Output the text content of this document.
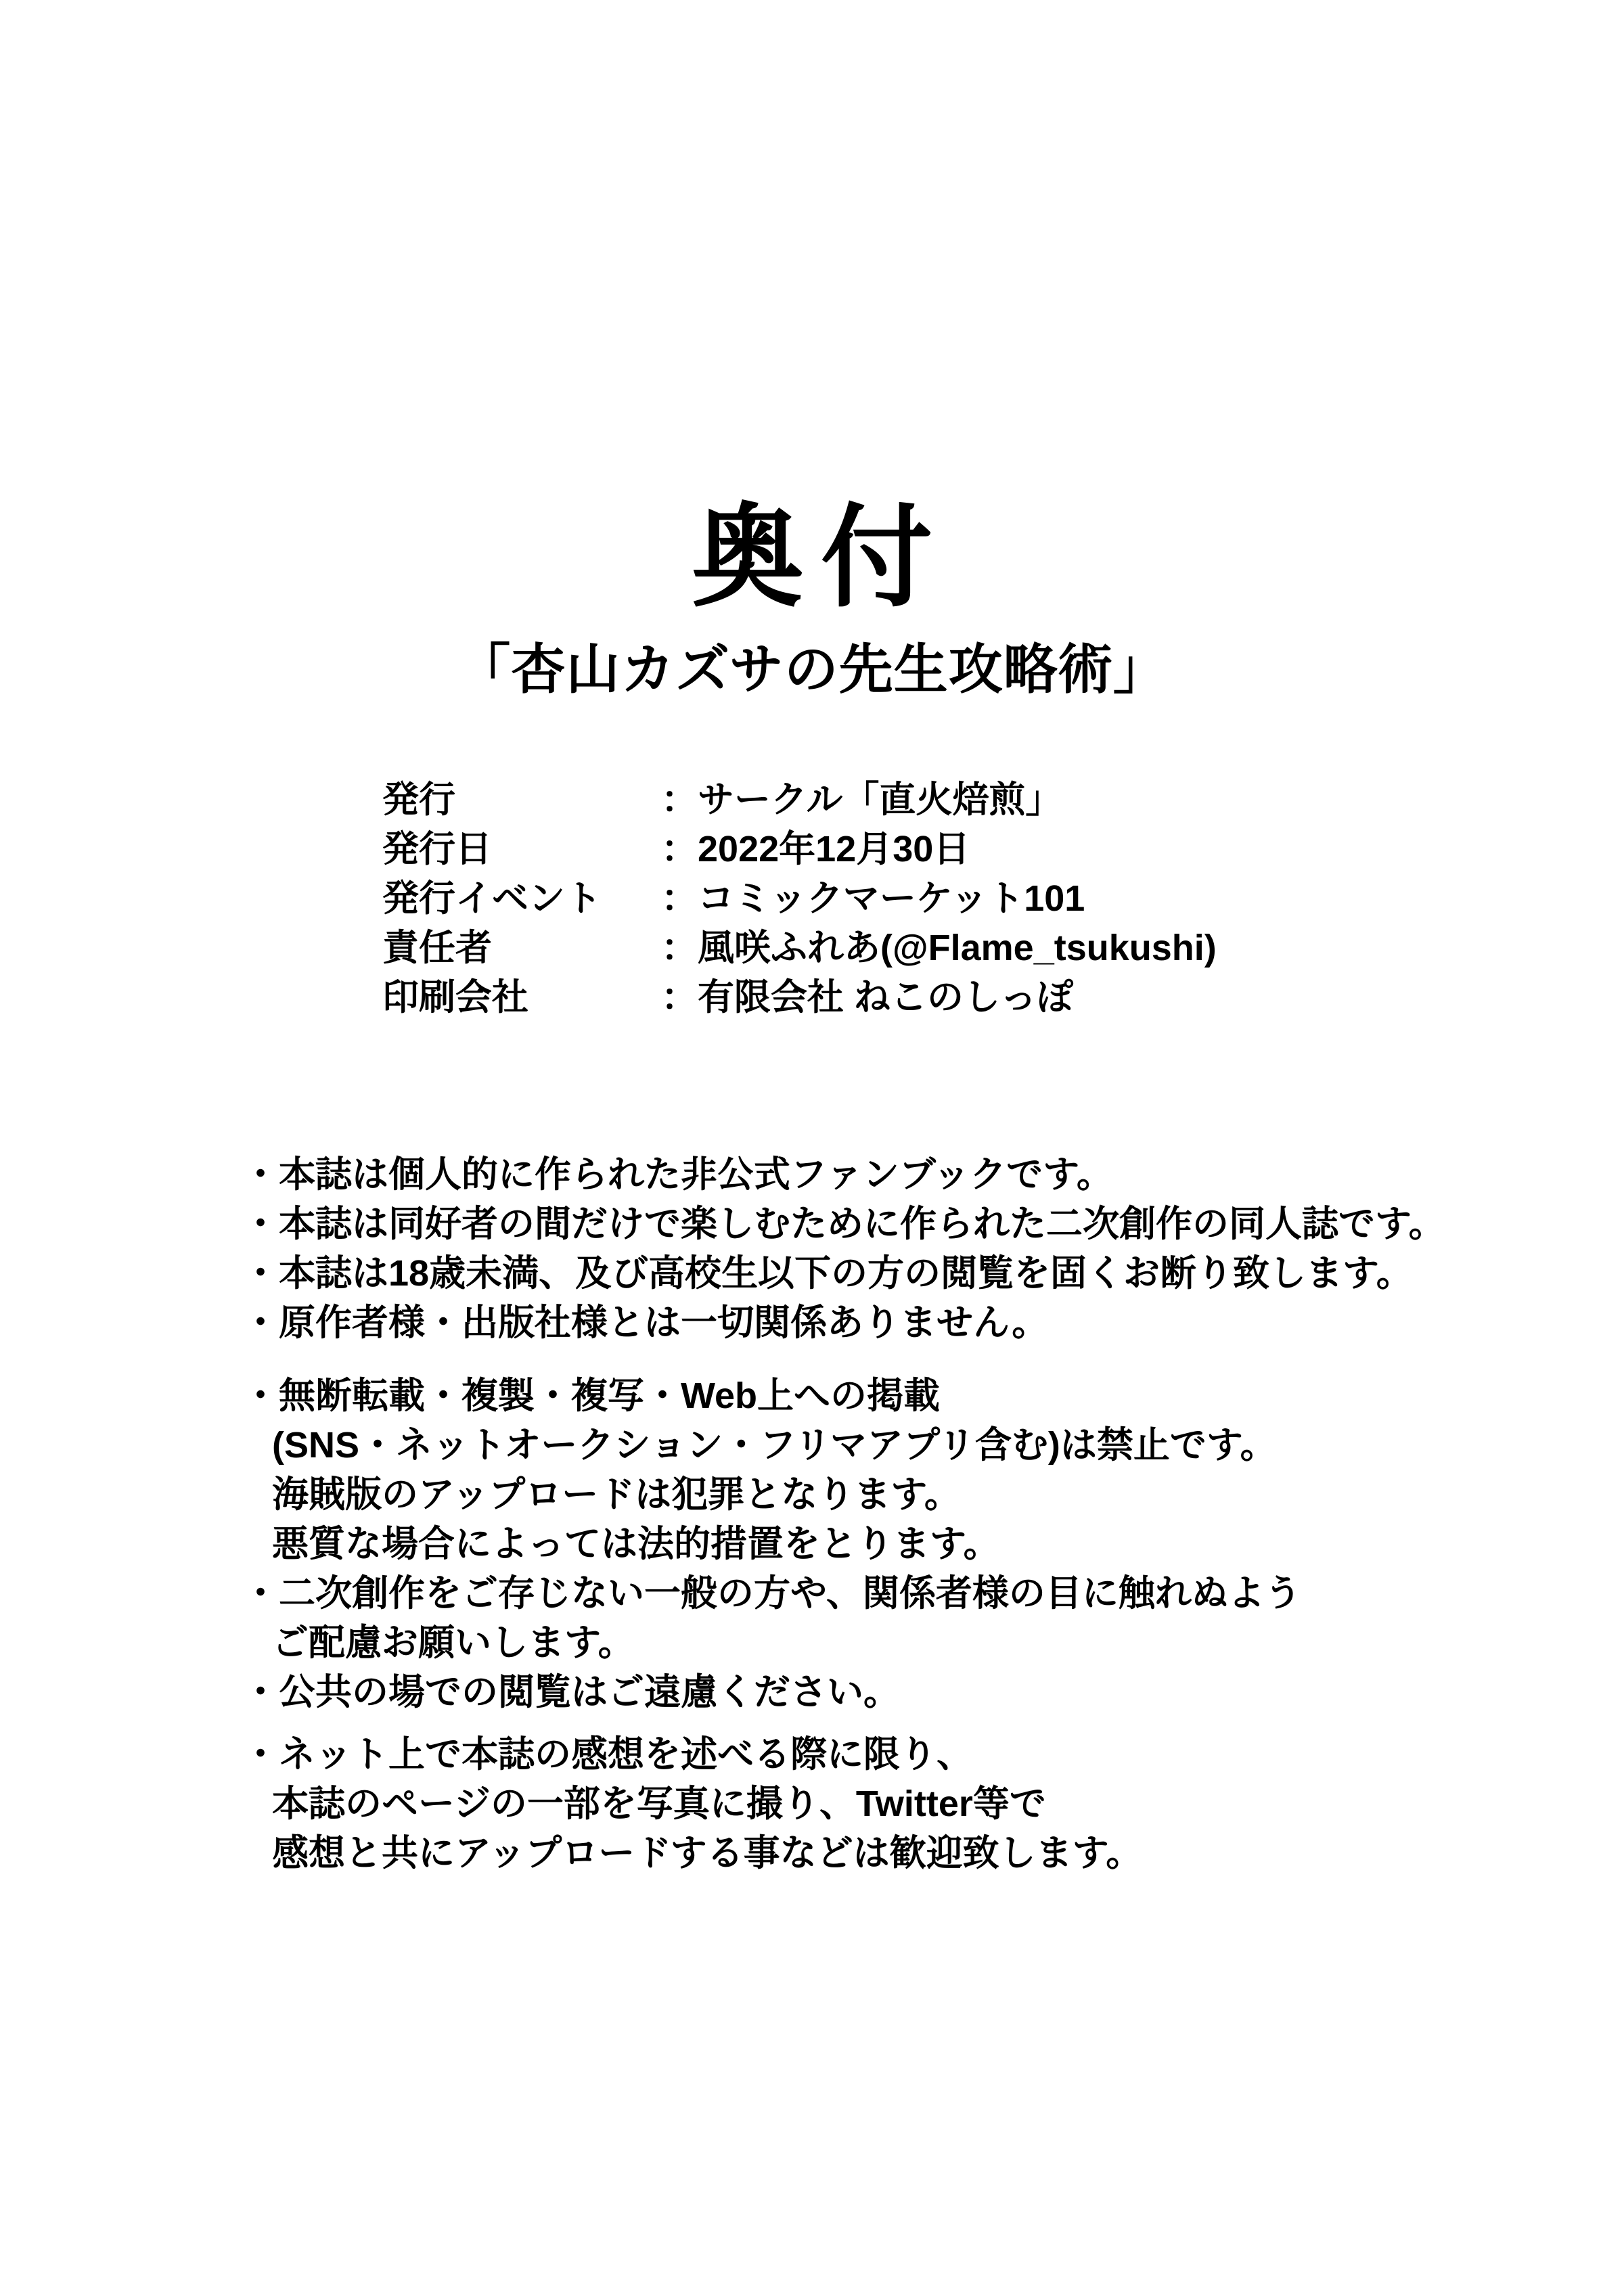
奥付
「杏山カズサの先生攻略術」
発行	： サークル「直火焙煎」
発行日	： 2022年12月30日
発行イベント	： コミックマーケット101
責任者	： 風咲ふれあ(@Flame_tsukushi)
印刷会社	： 有限会社 ねこのしっぽ

・本誌は個人的に作られた非公式ファンブックです。

・本誌は同好者の間だけで楽しむために作られた二次創作の同人誌です。

・本誌は18歳未満、及び高校生以下の方の閲覧を固くお断り致します。

・原作者様・出版社様とは一切関係ありません。

・無断転載・複製・複写・Web上への掲載

(SNS・ネットオークション・フリマアプリ含む)は禁止です。

海賊版のアップロードは犯罪となります。

悪質な場合によっては法的措置をとります。

・二次創作をご存じない一般の方や、関係者様の目に触れぬよう

ご配慮お願いします。

・公共の場での閲覧はご遠慮ください。

・ネット上で本誌の感想を述べる際に限り、

本誌のページの一部を写真に撮り、Twitter等で

感想と共にアップロードする事などは歓迎致します。
